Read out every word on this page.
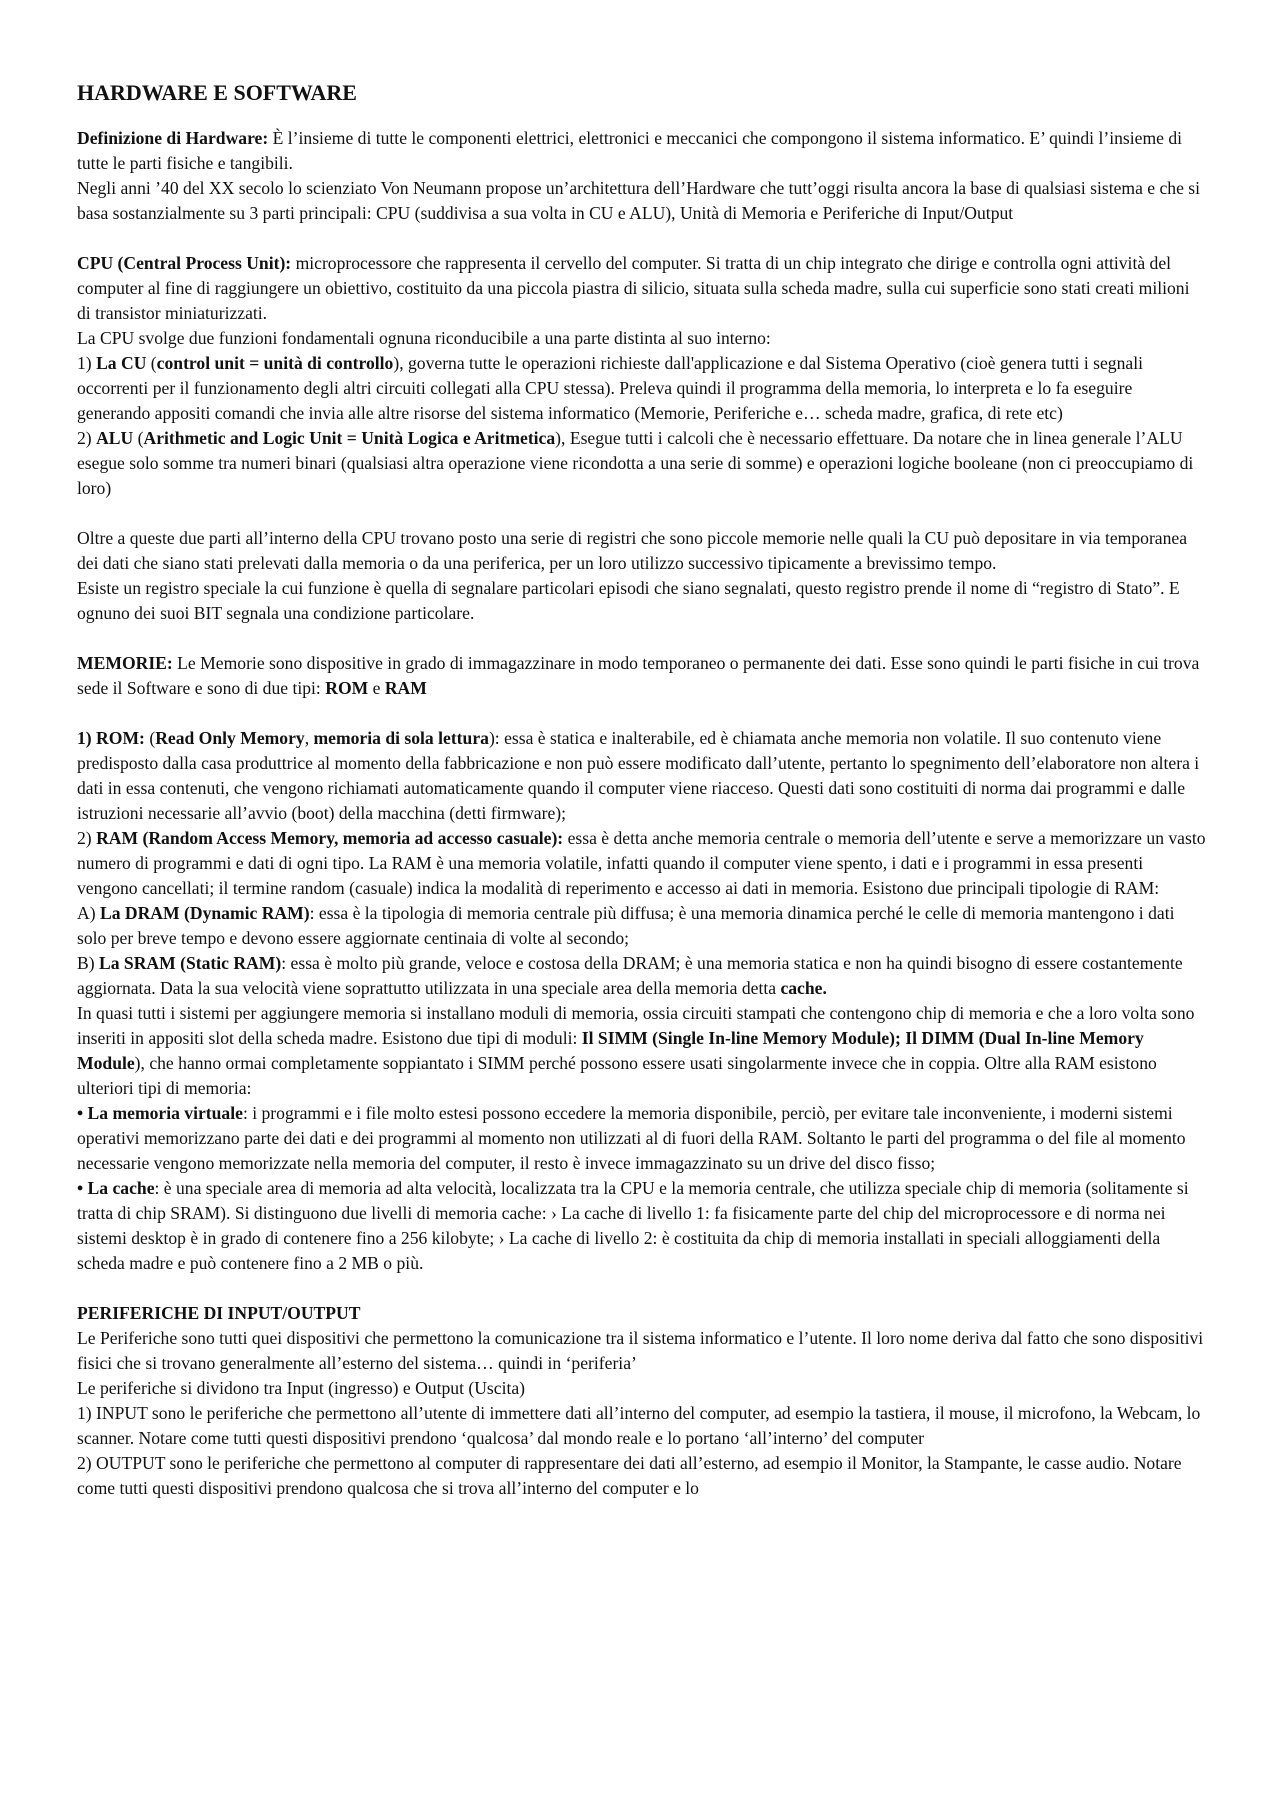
HARDWARE E SOFTWARE

Definizione di Hardware: È l’insieme di tutte le componenti elettrici, elettronici e meccanici che compongono il sistema informatico. E’ quindi l’insieme di tutte le parti fisiche e tangibili.

Negli anni ’40 del XX secolo lo scienziato Von Neumann propose un’architettura dell’Hardware che tutt’oggi risulta ancora la base di qualsiasi sistema e che si basa sostanzialmente su 3 parti principali: CPU (suddivisa a sua volta in CU e ALU), Unità di Memoria e Periferiche di Input/Output

CPU (Central Process Unit): microprocessore che rappresenta il cervello del computer. Si tratta di un chip integrato che dirige e controlla ogni attività del computer al fine di raggiungere un obiettivo, costituito da una piccola piastra di silicio, situata sulla scheda madre, sulla cui superficie sono stati creati milioni di transistor miniaturizzati.

La CPU svolge due funzioni fondamentali ognuna riconducibile a una parte distinta al suo interno:

1) La CU (control unit = unità di controllo), governa tutte le operazioni richieste dall'applicazione e dal Sistema Operativo (cioè genera tutti i segnali occorrenti per il funzionamento degli altri circuiti collegati alla CPU stessa). Preleva quindi il programma della memoria, lo interpreta e lo fa eseguire generando appositi comandi che invia alle altre risorse del sistema informatico (Memorie, Periferiche e… scheda madre, grafica, di rete etc)

2) ALU (Arithmetic and Logic Unit = Unità Logica e Aritmetica), Esegue tutti i calcoli che è necessario effettuare. Da notare che in linea generale l’ALU esegue solo somme tra numeri binari (qualsiasi altra operazione viene ricondotta a una serie di somme) e operazioni logiche booleane (non ci preoccupiamo di loro)

Oltre a queste due parti all’interno della CPU trovano posto una serie di registri che sono piccole memorie nelle quali la CU può depositare in via temporanea dei dati che siano stati prelevati dalla memoria o da una periferica, per un loro utilizzo successivo tipicamente a brevissimo tempo.

Esiste un registro speciale la cui funzione è quella di segnalare particolari episodi che siano segnalati, questo registro prende il nome di “registro di Stato”. E ognuno dei suoi BIT segnala una condizione particolare.

MEMORIE: Le Memorie sono dispositive in grado di immagazzinare in modo temporaneo o permanente dei dati. Esse sono quindi le parti fisiche in cui trova sede il Software e sono di due tipi: ROM e RAM

1) ROM: (Read Only Memory, memoria di sola lettura): essa è statica e inalterabile, ed è chiamata anche memoria non volatile. Il suo contenuto viene predisposto dalla casa produttrice al momento della fabbricazione e non può essere modificato dall’utente, pertanto lo spegnimento dell’elaboratore non altera i dati in essa contenuti, che vengono richiamati automaticamente quando il computer viene riacceso. Questi dati sono costituiti di norma dai programmi e dalle istruzioni necessarie all’avvio (boot) della macchina (detti firmware);

2) RAM (Random Access Memory, memoria ad accesso casuale): essa è detta anche memoria centrale o memoria dell’utente e serve a memorizzare un vasto numero di programmi e dati di ogni tipo. La RAM è una memoria volatile, infatti quando il computer viene spento, i dati e i programmi in essa presenti vengono cancellati; il termine random (casuale) indica la modalità di reperimento e accesso ai dati in memoria. Esistono due principali tipologie di RAM:

A) La DRAM (Dynamic RAM): essa è la tipologia di memoria centrale più diffusa; è una memoria dinamica perché le celle di memoria mantengono i dati solo per breve tempo e devono essere aggiornate centinaia di volte al secondo;

B) La SRAM (Static RAM): essa è molto più grande, veloce e costosa della DRAM; è una memoria statica e non ha quindi bisogno di essere costantemente aggiornata. Data la sua velocità viene soprattutto utilizzata in una speciale area della memoria detta cache.

In quasi tutti i sistemi per aggiungere memoria si installano moduli di memoria, ossia circuiti stampati che contengono chip di memoria e che a loro volta sono inseriti in appositi slot della scheda madre. Esistono due tipi di moduli: Il SIMM (Single In-line Memory Module); Il DIMM (Dual In-line Memory Module), che hanno ormai completamente soppiantato i SIMM perché possono essere usati singolarmente invece che in coppia. Oltre alla RAM esistono ulteriori tipi di memoria:

• La memoria virtuale: i programmi e i file molto estesi possono eccedere la memoria disponibile, perciò, per evitare tale inconveniente, i moderni sistemi operativi memorizzano parte dei dati e dei programmi al momento non utilizzati al di fuori della RAM. Soltanto le parti del programma o del file al momento necessarie vengono memorizzate nella memoria del computer, il resto è invece immagazzinato su un drive del disco fisso;

• La cache: è una speciale area di memoria ad alta velocità, localizzata tra la CPU e la memoria centrale, che utilizza speciale chip di memoria (solitamente si tratta di chip SRAM). Si distinguono due livelli di memoria cache: › La cache di livello 1: fa fisicamente parte del chip del microprocessore e di norma nei sistemi desktop è in grado di contenere fino a 256 kilobyte; › La cache di livello 2: è costituita da chip di memoria installati in speciali alloggiamenti della scheda madre e può contenere fino a 2 MB o più.

PERIFERICHE DI INPUT/OUTPUT

Le Periferiche sono tutti quei dispositivi che permettono la comunicazione tra il sistema informatico e l’utente. Il loro nome deriva dal fatto che sono dispositivi fisici che si trovano generalmente all’esterno del sistema… quindi in ‘periferia’

Le periferiche si dividono tra Input (ingresso) e Output (Uscita)

1) INPUT sono le periferiche che permettono all’utente di immettere dati all’interno del computer, ad esempio la tastiera, il mouse, il microfono, la Webcam, lo scanner. Notare come tutti questi dispositivi prendono ‘qualcosa’ dal mondo reale e lo portano ‘all’interno’ del computer

2) OUTPUT sono le periferiche che permettono al computer di rappresentare dei dati all’esterno, ad esempio il Monitor, la Stampante, le casse audio. Notare come tutti questi dispositivi prendono qualcosa che si trova all’interno del computer e lo
